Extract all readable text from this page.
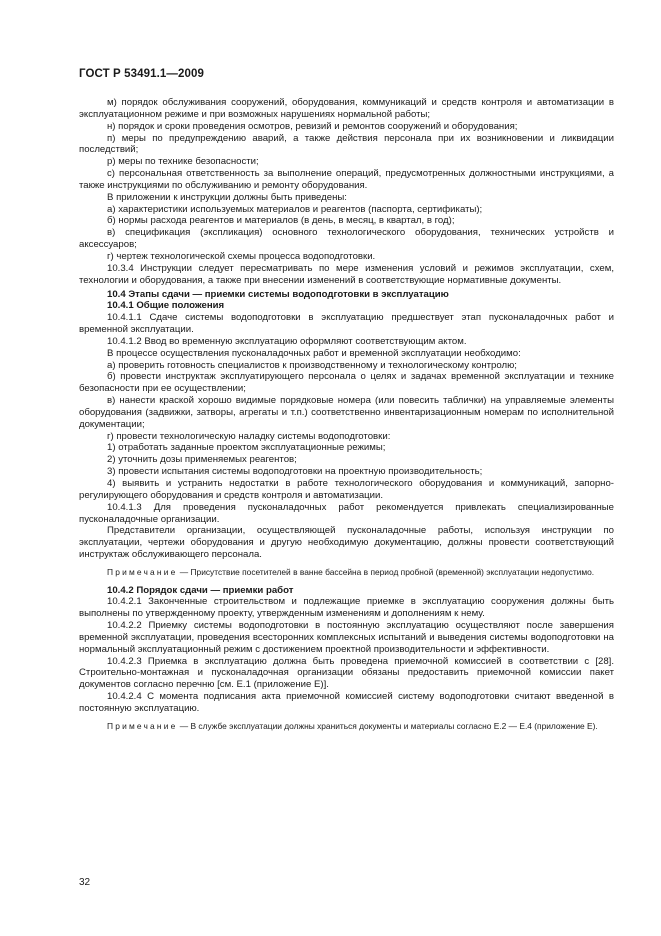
ГОСТ Р 53491.1—2009

м) порядок обслуживания сооружений, оборудования, коммуникаций и средств контроля и автоматизации в эксплуатационном режиме и при возможных нарушениях нормальной работы;

н) порядок и сроки проведения осмотров, ревизий и ремонтов сооружений и оборудования;

п) меры по предупреждению аварий, а также действия персонала при их возникновении и ликвидации последствий;

р) меры по технике безопасности;

с) персональная ответственность за выполнение операций, предусмотренных должностными инструкциями, а также инструкциями по обслуживанию и ремонту оборудования.

В приложении к инструкции должны быть приведены:

а) характеристики используемых материалов и реагентов (паспорта, сертификаты);

б) нормы расхода реагентов и материалов (в день, в месяц, в квартал, в год);

в) спецификация (экспликация) основного технологического оборудования, технических устройств и аксессуаров;

г) чертеж технологической схемы процесса водоподготовки.

10.3.4 Инструкции следует пересматривать по мере изменения условий и режимов эксплуатации, схем, технологии и оборудования, а также при внесении изменений в соответствующие нормативные документы.

10.4 Этапы сдачи — приемки системы водоподготовки в эксплуатацию

10.4.1 Общие положения

10.4.1.1 Сдаче системы водоподготовки в эксплуатацию предшествует этап пусконаладочных работ и временной эксплуатации.

10.4.1.2 Ввод во временную эксплуатацию оформляют соответствующим актом.

В процессе осуществления пусконаладочных работ и временной эксплуатации необходимо:

а) проверить готовность специалистов к производственному и технологическому контролю;

б) провести инструктаж эксплуатирующего персонала о целях и задачах временной эксплуатации и технике безопасности при ее осуществлении;

в) нанести краской хорошо видимые порядковые номера (или повесить таблички) на управляемые элементы оборудования (задвижки, затворы, агрегаты и т.п.) соответственно инвентаризационным номерам по исполнительной документации;

г) провести технологическую наладку системы водоподготовки:

1) отработать заданные проектом эксплуатационные режимы;

2) уточнить дозы применяемых реагентов;

3) провести испытания системы водоподготовки на проектную производительность;

4) выявить и устранить недостатки в работе технологического оборудования и коммуникаций, запорно-регулирующего оборудования и средств контроля и автоматизации.

10.4.1.3 Для проведения пусконаладочных работ рекомендуется привлекать специализированные пусконаладочные организации.

Представители организации, осуществляющей пусконаладочные работы, используя инструкции по эксплуатации, чертежи оборудования и другую необходимую документацию, должны провести соответствующий инструктаж обслуживающего персонала.

Примечание — Присутствие посетителей в ванне бассейна в период пробной (временной) эксплуатации недопустимо.

10.4.2 Порядок сдачи — приемки работ

10.4.2.1 Законченные строительством и подлежащие приемке в эксплуатацию сооружения должны быть выполнены по утвержденному проекту, утвержденным изменениям и дополнениям к нему.

10.4.2.2 Приемку системы водоподготовки в постоянную эксплуатацию осуществляют после завершения временной эксплуатации, проведения всесторонних комплексных испытаний и выведения системы водоподготовки на нормальный эксплуатационный режим с достижением проектной производительности и эффективности.

10.4.2.3 Приемка в эксплуатацию должна быть проведена приемочной комиссией в соответствии с [28]. Строительно-монтажная и пусконаладочная организации обязаны предоставить приемочной комиссии пакет документов согласно перечню [см. Е.1 (приложение Е)].

10.4.2.4 С момента подписания акта приемочной комиссией систему водоподготовки считают введенной в постоянную эксплуатацию.

Примечание — В службе эксплуатации должны храниться документы и материалы согласно Е.2 — Е.4 (приложение Е).

32
